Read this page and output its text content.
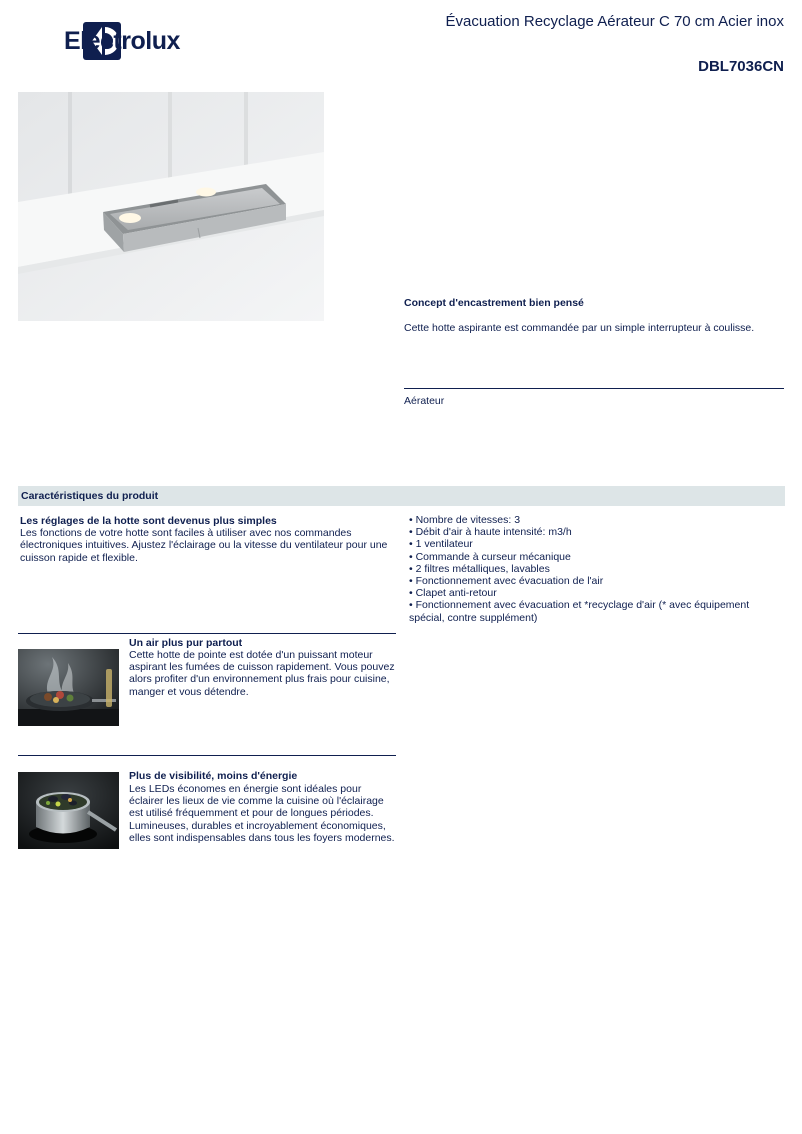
Electrolux
Évacuation Recyclage Aérateur C 70 cm Acier inox
DBL7036CN
Concept d'encastrement bien pensé
Cette hotte aspirante est commandée par un simple interrupteur à coulisse.
Aérateur
Caractéristiques du produit
Les réglages de la hotte sont devenus plus simples
Les fonctions de votre hotte sont faciles à utiliser avec nos commandes électroniques intuitives. Ajustez l'éclairage ou la vitesse du ventilateur pour une cuisson rapide et flexible.
• Nombre de vitesses: 3
• Débit d'air à haute intensité: m3/h
• 1 ventilateur
• Commande à curseur mécanique
• 2 filtres métalliques, lavables
• Fonctionnement avec évacuation de l'air
• Clapet anti-retour
• Fonctionnement avec évacuation et *recyclage d'air (* avec équipement spécial, contre supplément)
Un air plus pur partout
Cette hotte de pointe est dotée d'un puissant moteur aspirant les fumées de cuisson rapidement. Vous pouvez alors profiter d'un environnement plus frais pour cuisine, manger et vous détendre.
Plus de visibilité, moins d'énergie
Les LEDs économes en énergie sont idéales pour éclairer les lieux de vie comme la cuisine où l'éclairage est utilisé fréquemment et pour de longues périodes. Lumineuses, durables et incroyablement économiques, elles sont indispensables dans tous les foyers modernes.
